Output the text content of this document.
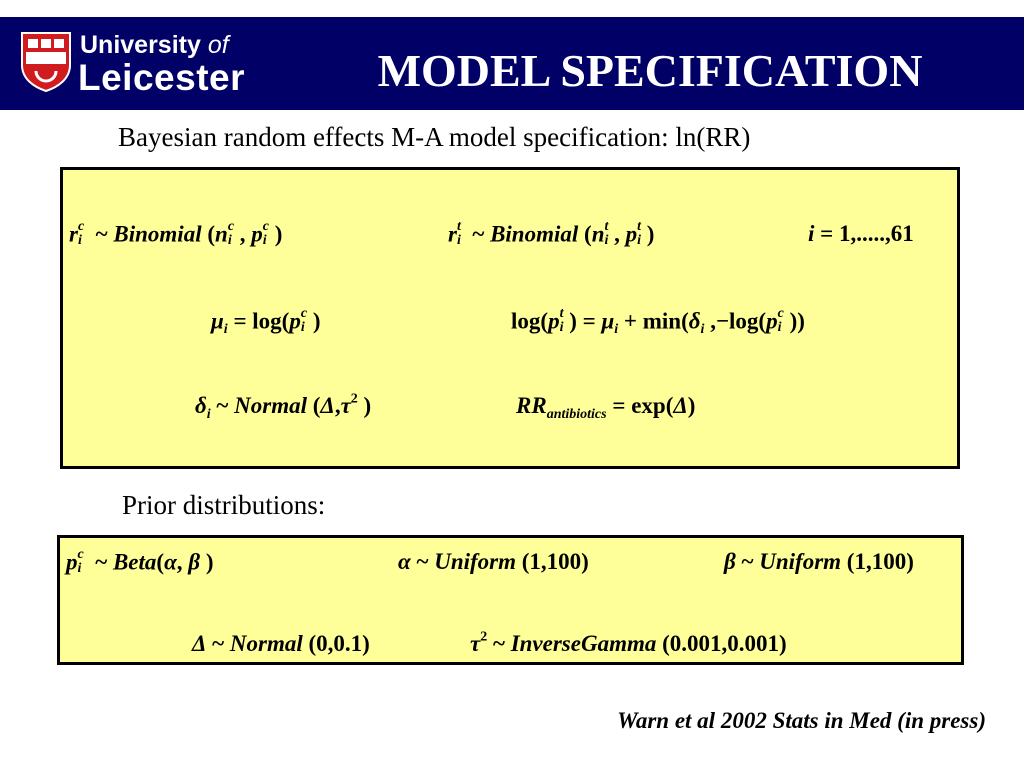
University of
Leicester	MODEL SPECIFICATION
Bayesian random effects M-A model specification: ln(RR)
r c
i ~ Binomial (n c
i , p c
i )	r t
i ~ Binomial (n t
i , p t
i )	i = 1,.....,61
$\mu_i = \log(p$ c
i )	log(p t
i ) = $\mu_i + \min(\delta_i$ ,−log(p c
i ))
$\delta_i$ ~ Normal ($\Delta,\tau^2$ )	$RR_{antibiotics} = \exp(\Delta)$
Prior distributions:
p c
i ~ Beta(α, β )	α ~ Uniform (1,100)	β ~ Uniform (1,100)
Δ ~ Normal (0,0.1)	$\tau^2$ ~ InverseGamma (0.001,0.001)
Warn et al 2002 Stats in Med (in press)
